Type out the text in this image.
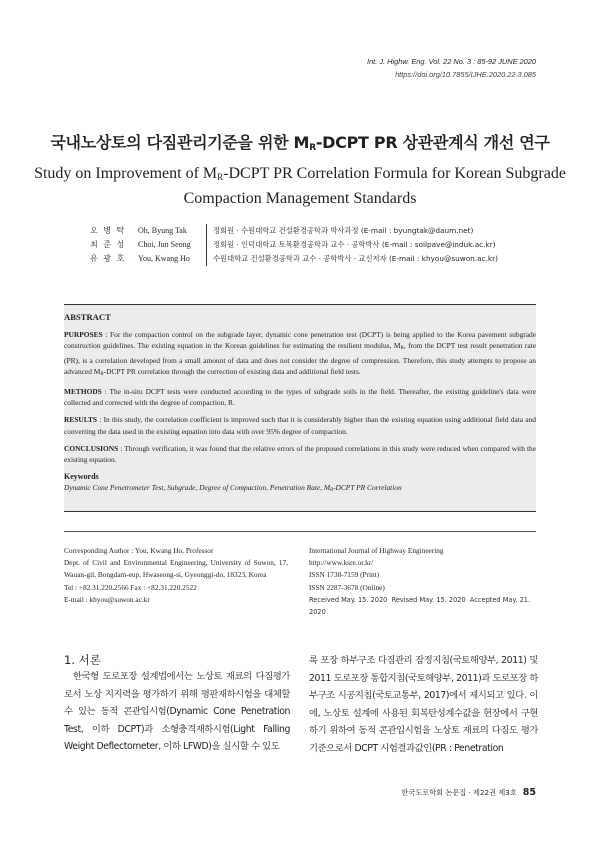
Int. J. Highw. Eng. Vol. 22 No. 3 : 85-92 JUNE 2020
https://doi.org/10.7855/IJHE.2020.22.3.085
국내노상토의 다짐관리기준을 위한 $M_R$-DCPT PR 상관관계식 개선 연구
Study on Improvement of $M_R$-DCPT PR Correlation Formula for Korean Subgrade
Compaction Management Standards
오 병 탁	Oh, Byung Tak	정회원 · 수원대학교 건설환경공학과 박사과정 (E-mail : byungtak@daum.net)
최 준 성	Choi, Jun Seong	정회원 · 인덕대학교 토목환경공학과 교수 · 공학박사 (E-mail : soilpave@induk.ac.kr)
유 광 호	You, Kwang Ho	수원대학교 건설환경공학과 교수 · 공학박사 · 교신저자 (E-mail : khyou@suwon.ac.kr)
ABSTRACT

PURPOSES : For the compaction control on the subgrade layer, dynamic cone penetration test (DCPT) is being applied to the Korea pavement subgrade construction guidelines. The existing equation in the Korean guidelines for estimating the resilient modulus, $M_R$, from the DCPT test result penetration rate (PR), is a correlation developed from a small amount of data and does not consider the degree of compression. Therefore, this study attempts to propose an advanced $M_R$-DCPT PR correlation through the correction of existing data and additional field tests.

METHODS : The in-situ DCPT tests were conducted according to the types of subgrade soils in the field. Thereafter, the existing guideline's data were collected and corrected with the degree of compaction, R.

RESULTS : In this study, the correlation coefficient is improved such that it is considerably higher than the existing equation using additional field data and converting the data used in the existing equation into data with over 95% degree of compaction.

CONCLUSIONS : Through verification, it was found that the relative errors of the proposed correlations in this study were reduced when compared with the existing equation.

Keywords
Dynamic Cone Penetrometer Test, Subgrade, Degree of Compaction, Penetration Rate, $M_R$-DCPT PR Correlation
Corresponding Author : You, Kwang Ho, Professor
Dept. of Civil and Environmental Engineering, University of Suwon, 17, Wauan-gil, Bongdam-eup, Hwaseong-si, Gyeonggi-do, 18323, Korea
Tel : +82.31.220.2566 Fax : +82.31.220.2522
E-mail : khyou@suwon.ac.kr
International Journal of Highway Engineering
http://www.ksre.or.kr/
ISSN 1738-7159 (Print)
ISSN 2287-3678 (Online)
Received May. 15. 2020 Revised May. 15. 2020 Accepted May. 21. 2020
1. 서론
한국형 도로포장 설계법에서는 노상토 재료의 다짐평가로서 노상 지지력을 평가하기 위해 평판재하시험을 대체할 수 있는 동적 콘관입시험(Dynamic Cone Penetration Test, 이하 DCPT)과 소형충격재하시험(Light Falling Weight Deflectometer, 이하 LFWD)을 실시할 수 있도
록 포장 하부구조 다짐관리 잠정지침(국토해양부, 2011) 및 2011 도로포장 통합지침(국토해양부, 2011)과 도로포장 하부구조 시공지침(국토교통부, 2017)에서 제시되고 있다. 이에, 노상토 설계에 사용된 회복탄성계수값을 현장에서 구현하기 위하여 동적 콘관입시험을 노상토 재료의 다짐도 평가기준으로서 DCPT 시험결과값인(PR : Penetration
한국도로학회 논문집 · 제22권 제3호 85
